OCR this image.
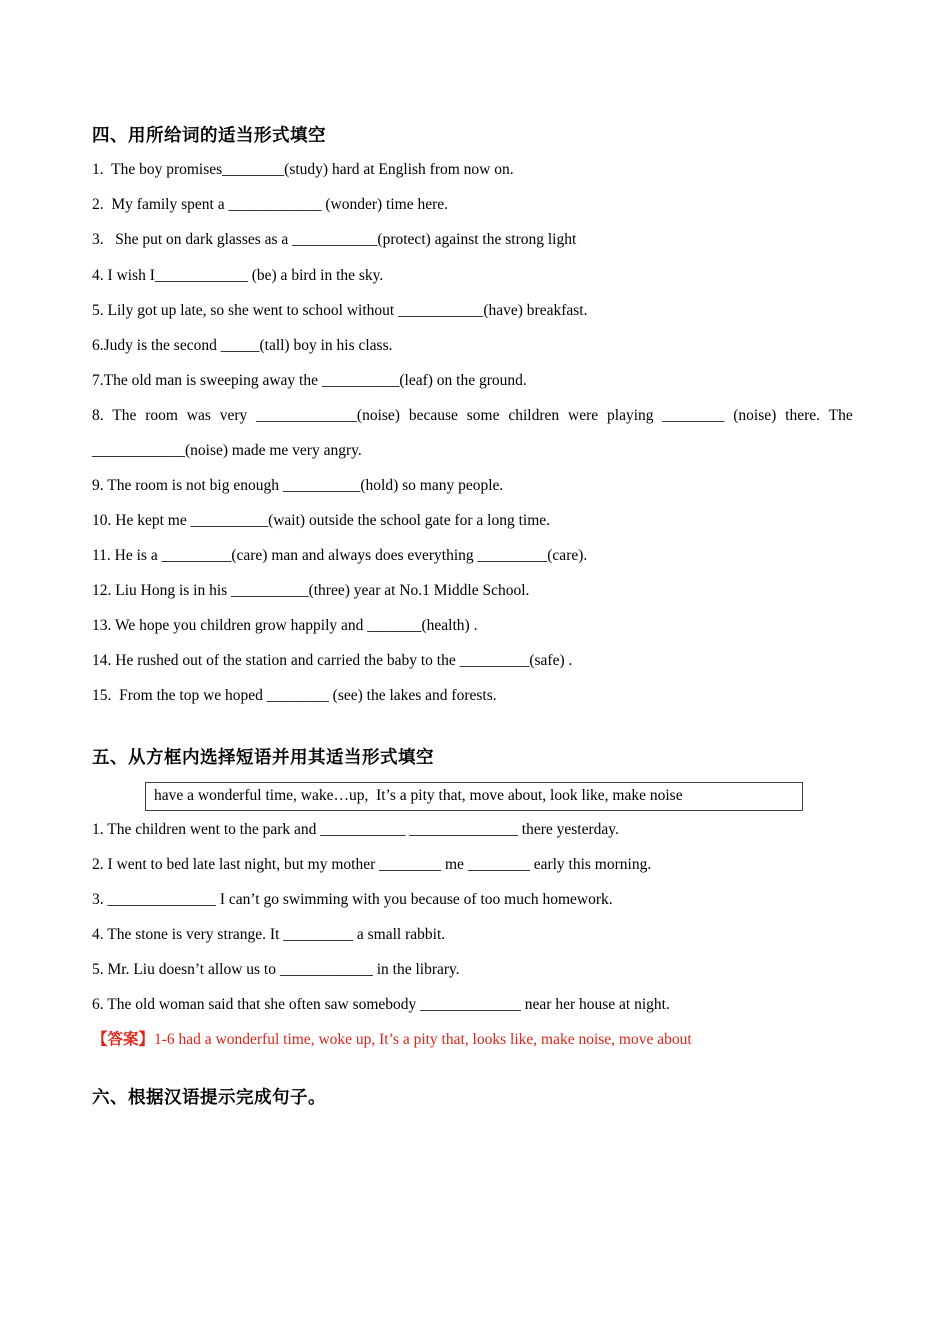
四、用所给词的适当形式填空

1.  The boy promises________(study) hard at English from now on.

2.  My family spent a ____________ (wonder) time here.

3.   She put on dark glasses as a ___________(protect) against the strong light

4. I wish I____________ (be) a bird in the sky.

5. Lily got up late, so she went to school without ___________(have) breakfast.

6.Judy is the second _____(tall) boy in his class.

7.The old man is sweeping away the __________(leaf) on the ground.

8. The room was very _____________(noise) because some children were playing ________ (noise) there. The

____________(noise) made me very angry.

9. The room is not big enough __________(hold) so many people.

10. He kept me __________(wait) outside the school gate for a long time.

11. He is a _________(care) man and always does everything _________(care).

12. Liu Hong is in his __________(three) year at No.1 Middle School.

13. We hope you children grow happily and _______(health) .

14. He rushed out of the station and carried the baby to the _________(safe) .

15.  From the top we hoped ________ (see) the lakes and forests.

五、从方框内选择短语并用其适当形式填空
have a wonderful time, wake…up,  It’s a pity that, move about, look like, make noise

1. The children went to the park and ___________ ______________ there yesterday.

2. I went to bed late last night, but my mother ________ me ________ early this morning.

3. ______________ I can’t go swimming with you because of too much homework.

4. The stone is very strange. It _________ a small rabbit.

5. Mr. Liu doesn’t allow us to ____________ in the library.

6. The old woman said that she often saw somebody _____________ near her house at night.

【答案】1-6 had a wonderful time, woke up, It’s a pity that, looks like, make noise, move about

六、根据汉语提示完成句子。
